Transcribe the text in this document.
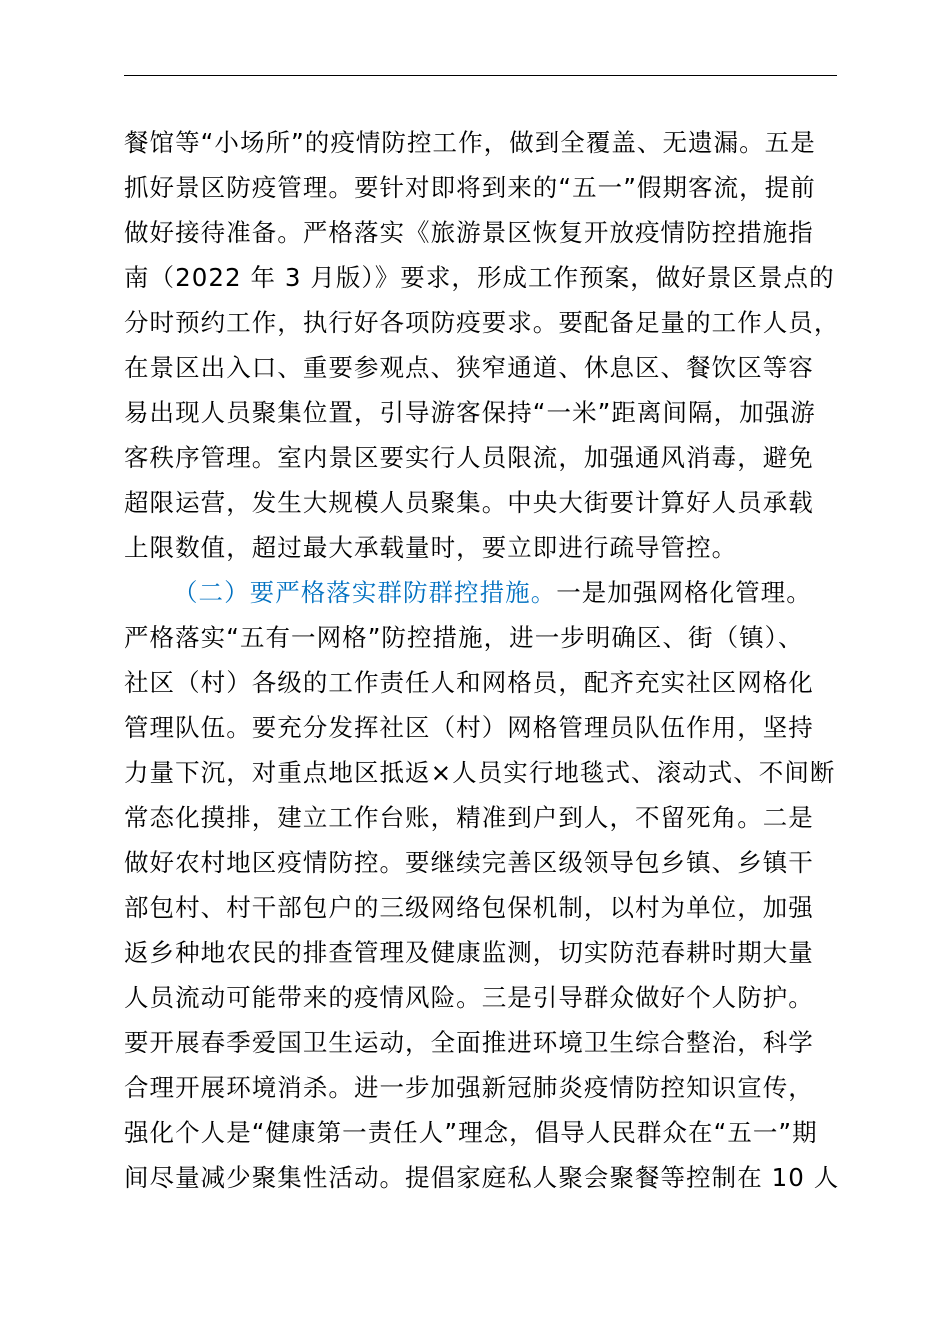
餐馆等“小场所”的疫情防控工作，做到全覆盖、无遗漏。五是
抓好景区防疫管理。要针对即将到来的“五一”假期客流，提前
做好接待准备。严格落实《旅游景区恢复开放疫情防控措施指
南（2022 年 3 月版）》要求，形成工作预案，做好景区景点的
分时预约工作，执行好各项防疫要求。要配备足量的工作人员，
在景区出入口、重要参观点、狭窄通道、休息区、餐饮区等容
易出现人员聚集位置，引导游客保持“一米”距离间隔，加强游
客秩序管理。室内景区要实行人员限流，加强通风消毒，避免
超限运营，发生大规模人员聚集。中央大街要计算好人员承载
上限数值，超过最大承载量时，要立即进行疏导管控。
（二）要严格落实群防群控措施。一是加强网格化管理。
严格落实“五有一网格”防控措施，进一步明确区、街（镇）、
社区（村）各级的工作责任人和网格员，配齐充实社区网格化
管理队伍。要充分发挥社区（村）网格管理员队伍作用，坚持
力量下沉，对重点地区抵返×人员实行地毯式、滚动式、不间断
常态化摸排，建立工作台账，精准到户到人，不留死角。二是
做好农村地区疫情防控。要继续完善区级领导包乡镇、乡镇干
部包村、村干部包户的三级网络包保机制，以村为单位，加强
返乡种地农民的排查管理及健康监测，切实防范春耕时期大量
人员流动可能带来的疫情风险。三是引导群众做好个人防护。
要开展春季爱国卫生运动，全面推进环境卫生综合整治，科学
合理开展环境消杀。进一步加强新冠肺炎疫情防控知识宣传，
强化个人是“健康第一责任人”理念，倡导人民群众在“五一”期
间尽量减少聚集性活动。提倡家庭私人聚会聚餐等控制在 10 人
